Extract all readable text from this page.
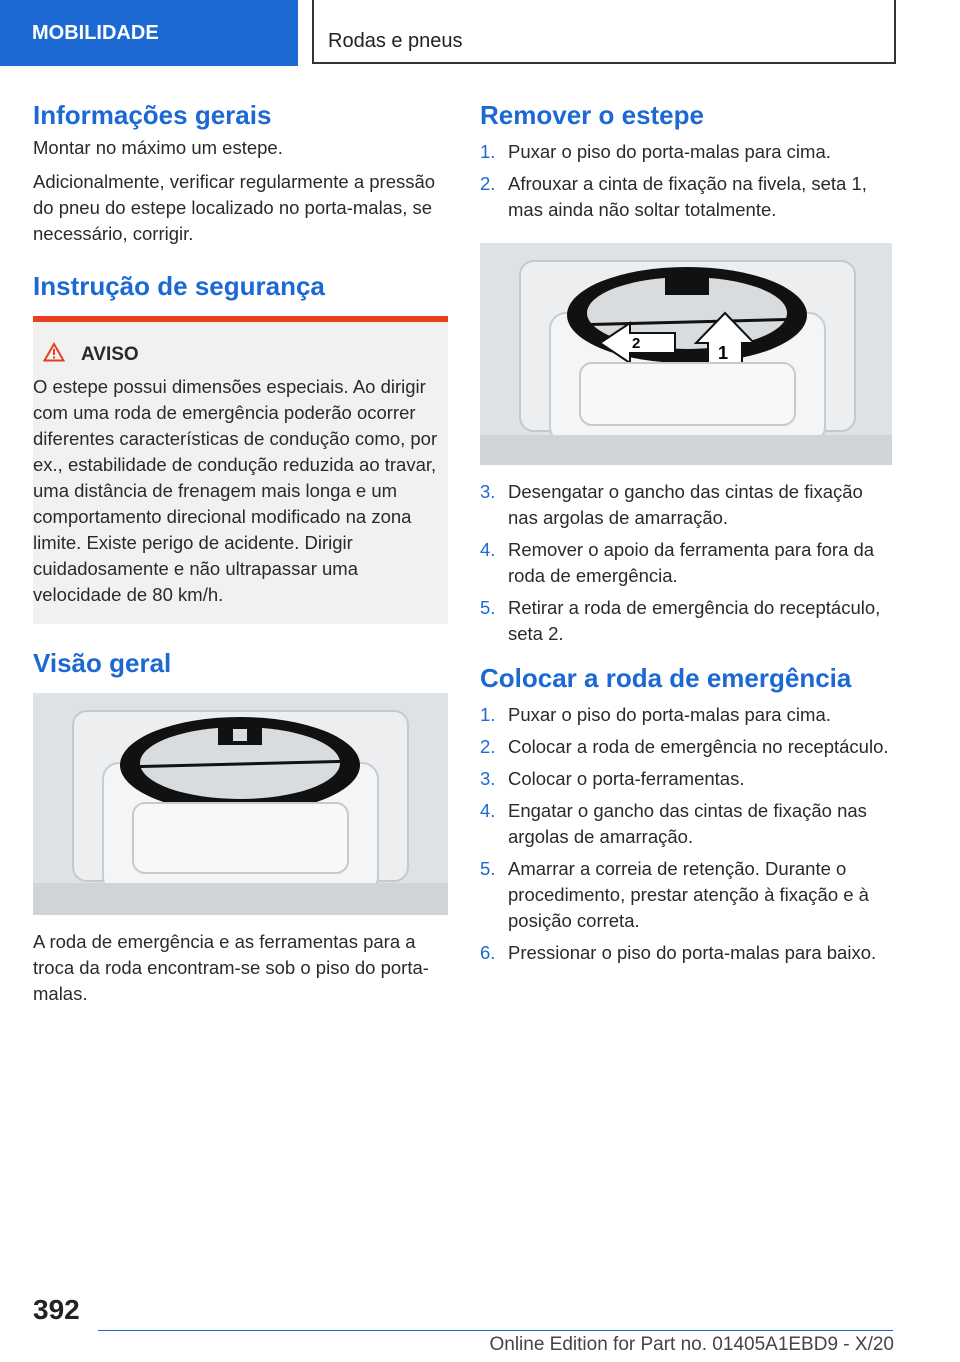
MOBILIDADE	Rodas e pneus
Informações gerais

Montar no máximo um estepe.

Adicionalmente, verificar regularmente a pressão do pneu do estepe localizado no porta-malas, se necessário, corrigir.

Instrução de segurança
AVISO

O estepe possui dimensões especiais. Ao dirigir com uma roda de emergência poderão ocorrer diferentes características de condução como, por ex., estabilidade de condução reduzida ao travar, uma distância de frenagem mais longa e um comportamento direcional modificado na zona limite. Existe perigo de acidente. Dirigir cuidadosamente e não ultrapassar uma velocidade de 80 km/h.

Visão geral

A roda de emergência e as ferramentas para a troca da roda encontram-se sob o piso do porta-malas.

Remover o estepe
1. Puxar o piso do porta-malas para cima.
2. Afrouxar a cinta de fixação na fivela, seta 1, mas ainda não soltar totalmente.
2	1
3. Desengatar o gancho das cintas de fixação nas argolas de amarração.
4. Remover o apoio da ferramenta para fora da roda de emergência.
5. Retirar a roda de emergência do receptáculo, seta 2.
Colocar a roda de emergência
1. Puxar o piso do porta-malas para cima.
2. Colocar a roda de emergência no receptáculo.
3. Colocar o porta-ferramentas.
4. Engatar o gancho das cintas de fixação nas argolas de amarração.
5. Amarrar a correia de retenção. Durante o procedimento, prestar atenção à fixação e à posição correta.
6. Pressionar o piso do porta-malas para baixo.
392
Online Edition for Part no. 01405A1EBD9 - X/20
